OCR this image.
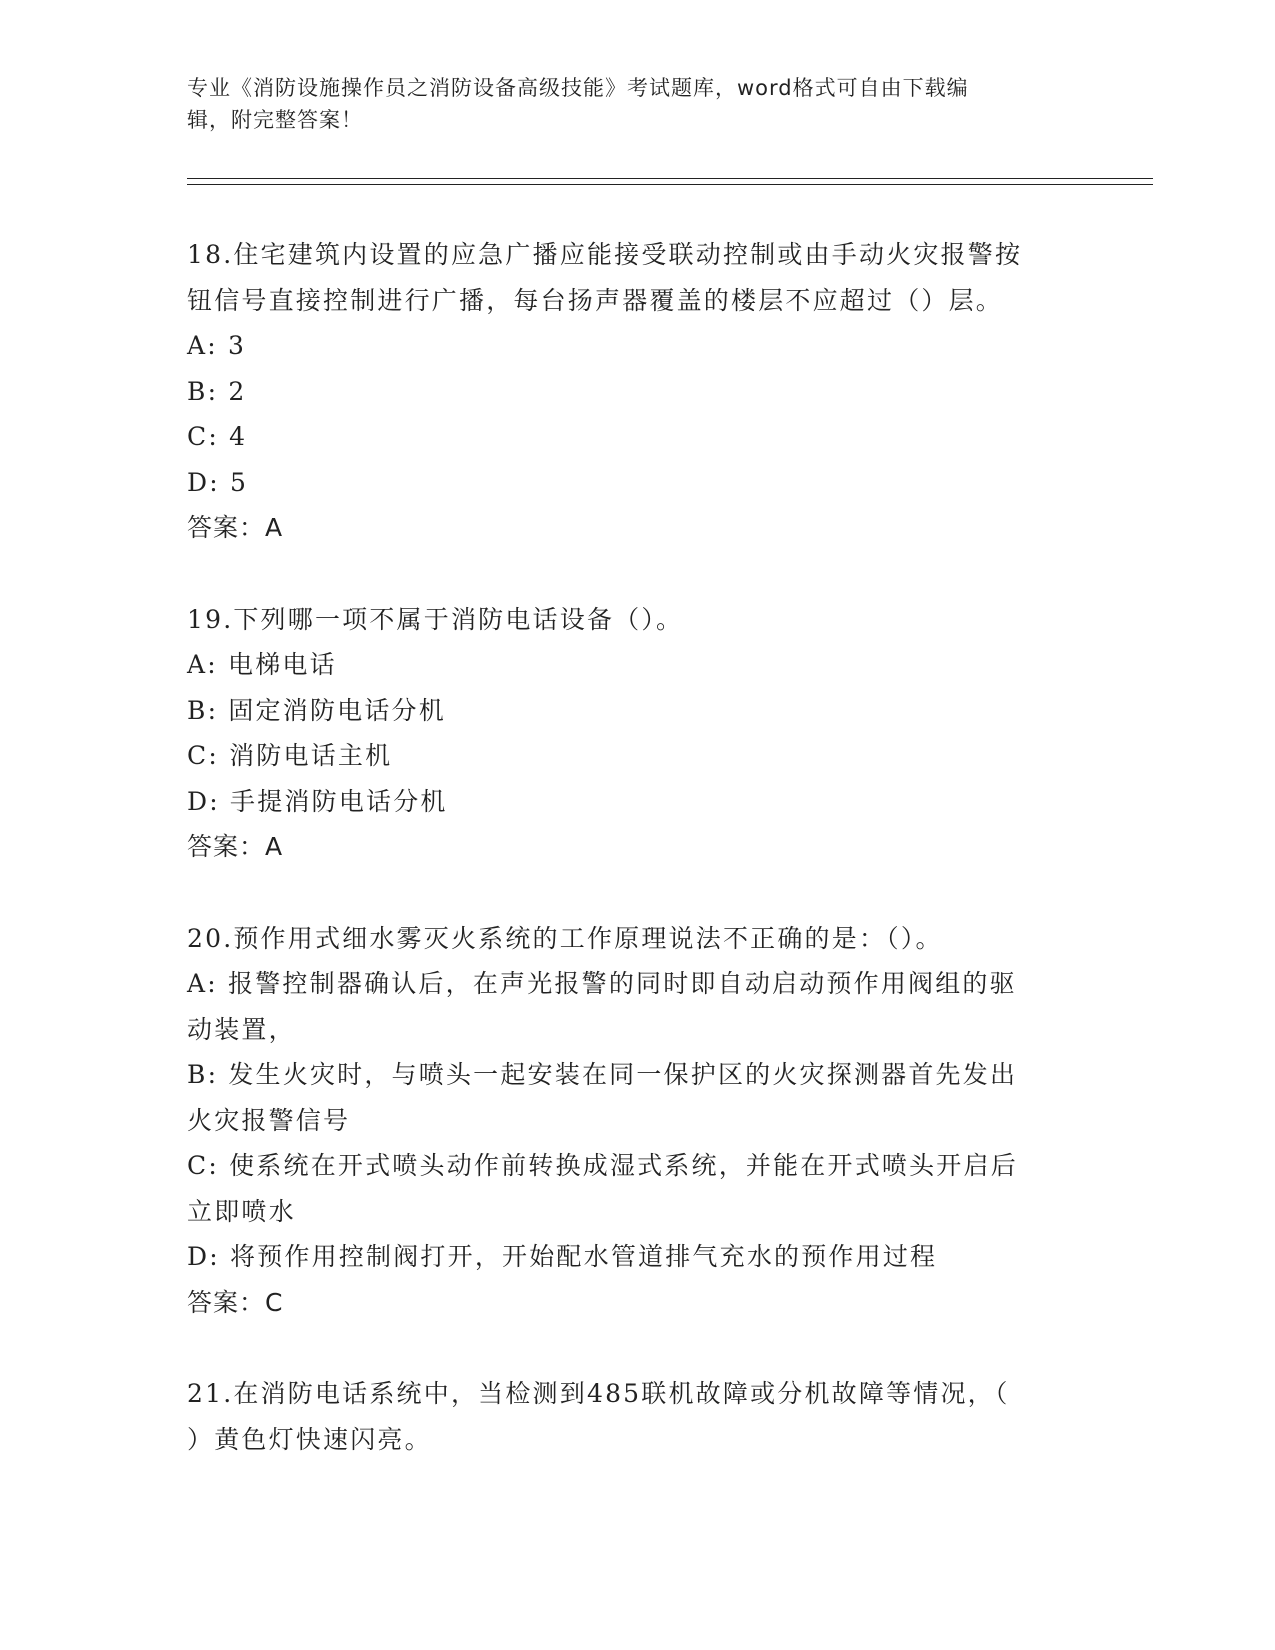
专业《消防设施操作员之消防设备高级技能》考试题库，word格式可自由下载编
辑，附完整答案！

18.住宅建筑内设置的应急广播应能接受联动控制或由手动火灾报警按

钮信号直接控制进行广播，每台扬声器覆盖的楼层不应超过（）层。

A: 3

B: 2

C: 4

D: 5

答案：A

19.下列哪一项不属于消防电话设备（）。

A: 电梯电话

B: 固定消防电话分机

C: 消防电话主机

D: 手提消防电话分机

答案：A

20.预作用式细水雾灭火系统的工作原理说法不正确的是：（）。

A: 报警控制器确认后，在声光报警的同时即自动启动预作用阀组的驱

动装置，

B: 发生火灾时，与喷头一起安装在同一保护区的火灾探测器首先发出

火灾报警信号

C: 使系统在开式喷头动作前转换成湿式系统，并能在开式喷头开启后

立即喷水

D: 将预作用控制阀打开，开始配水管道排气充水的预作用过程

答案：C

21.在消防电话系统中，当检测到485联机故障或分机故障等情况，（

）黄色灯快速闪亮。
